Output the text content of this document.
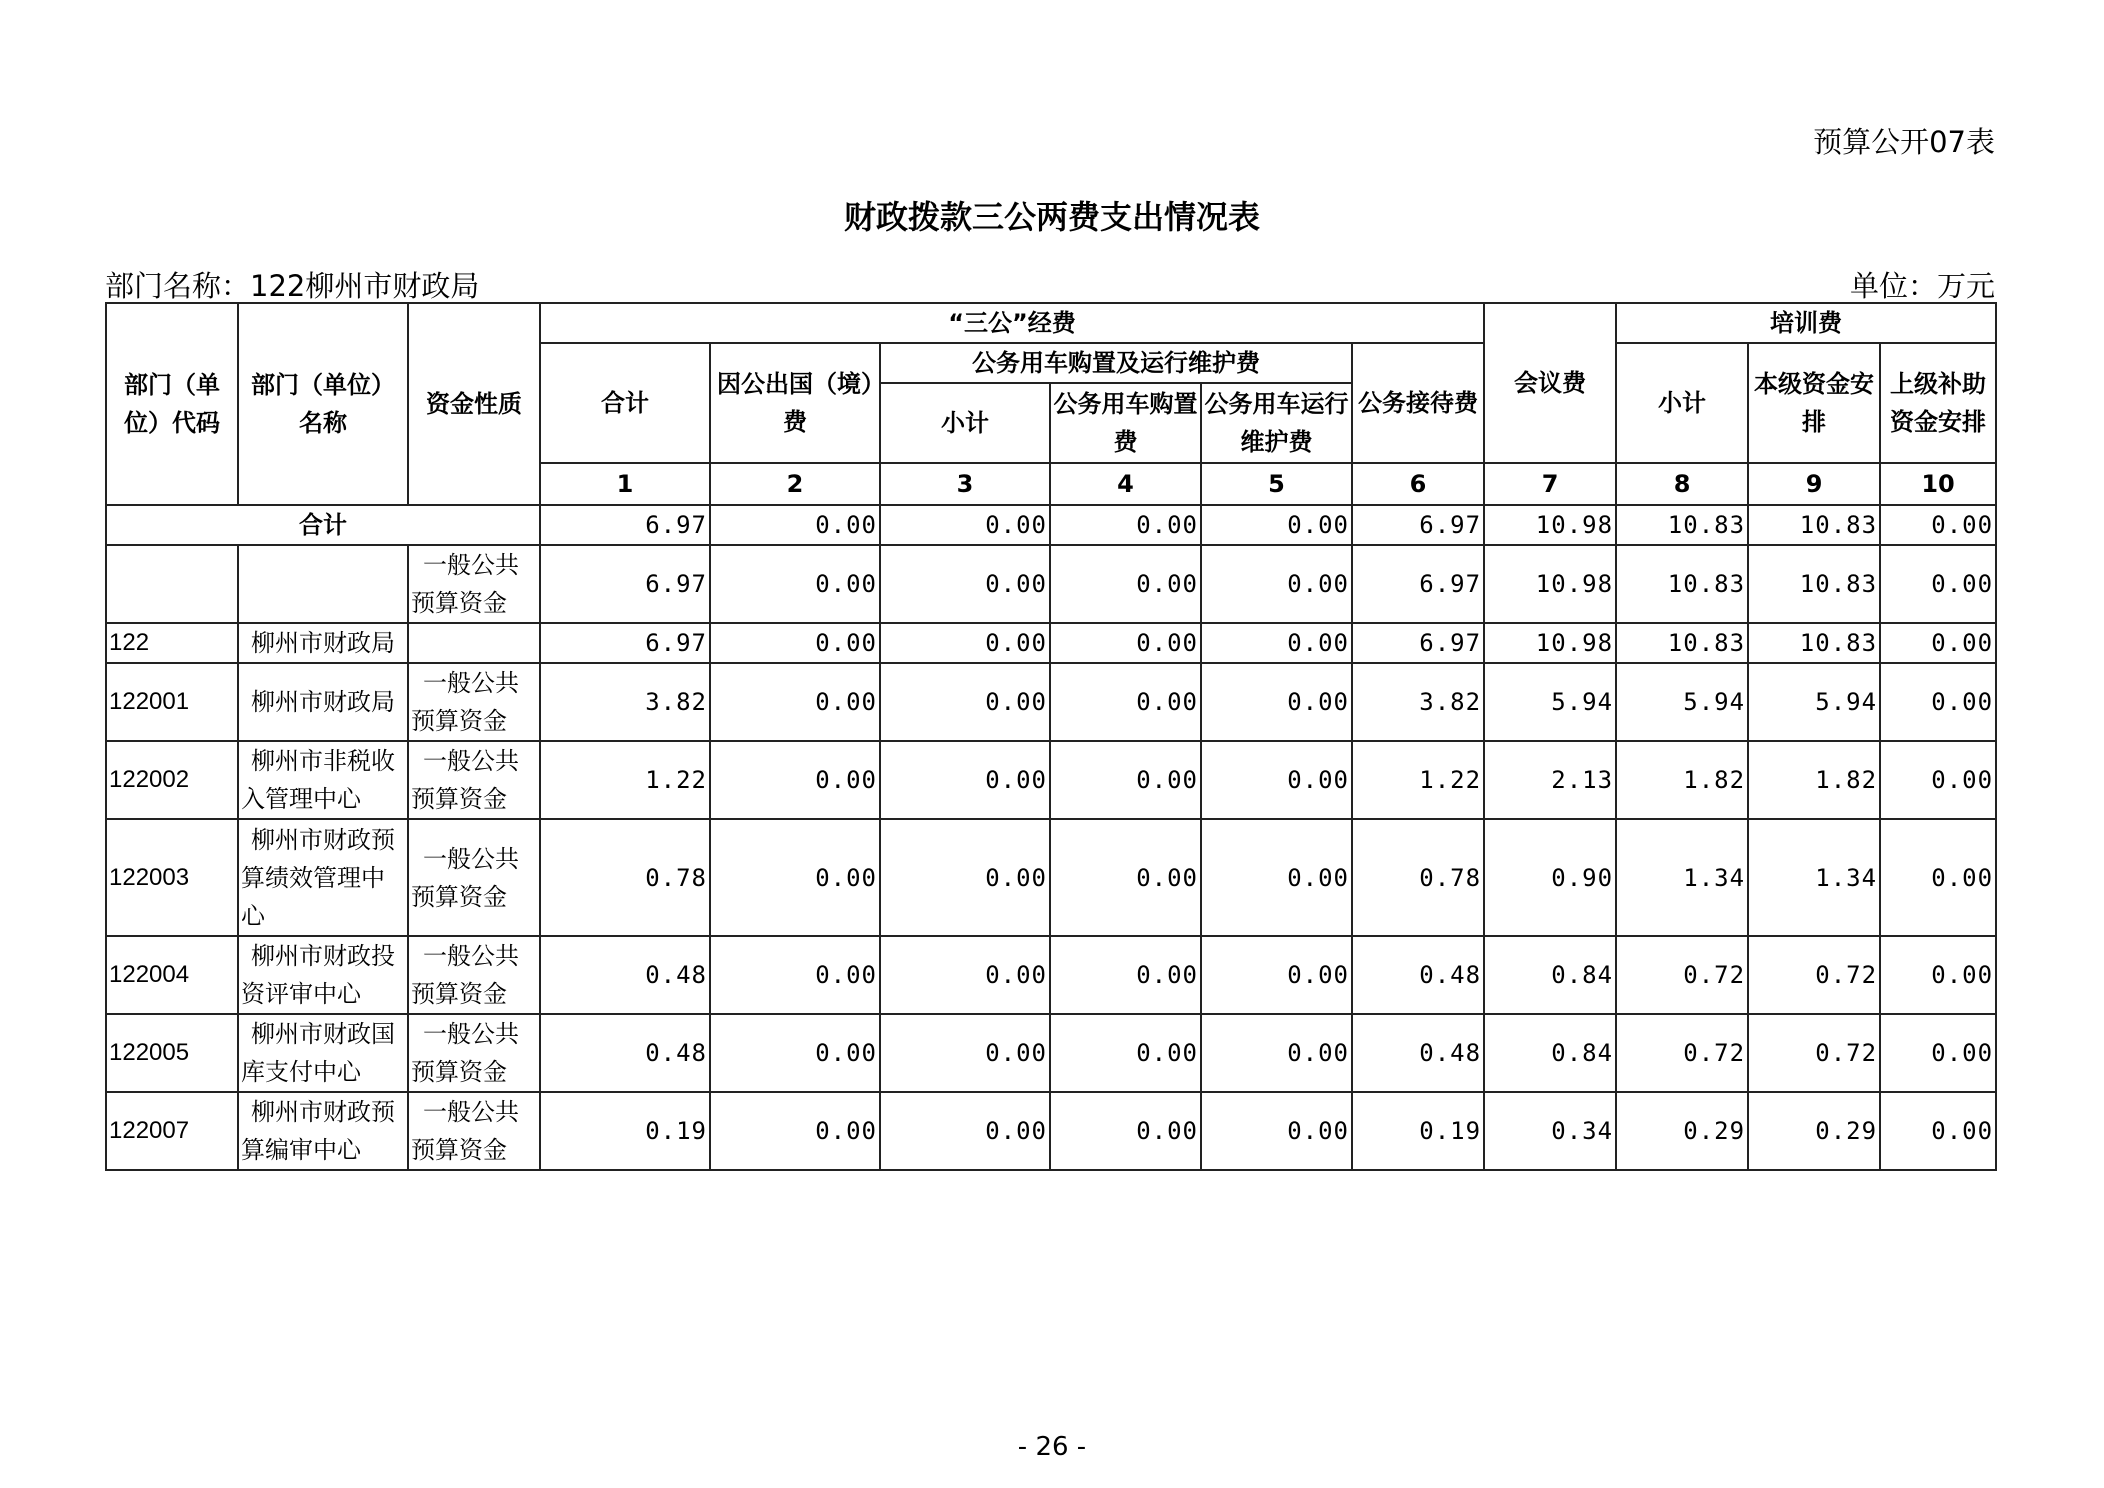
预算公开07表
财政拨款三公两费支出情况表
部门名称：122柳州市财政局	单位：万元
部门（单位）代码	部门（单位）名称	资金性质	“三公”经费						会议费	培训费		
			合计	因公出国（境）费	公务用车购置及运行维护费			公务接待费		小计	本级资金安排	上级补助资金安排
					小计	公务用车购置费	公务用车运行维护费					

			1	2	3	4	5	6	7	8	9	10
合计			6.97	0.00	0.00	0.00	0.00	6.97	10.98	10.83	10.83	0.00
		一般公共预算资金	6.97	0.00	0.00	0.00	0.00	6.97	10.98	10.83	10.83	0.00
122	柳州市财政局		6.97	0.00	0.00	0.00	0.00	6.97	10.98	10.83	10.83	0.00
122001	柳州市财政局	一般公共预算资金	3.82	0.00	0.00	0.00	0.00	3.82	5.94	5.94	5.94	0.00
122002	柳州市非税收入管理中心	一般公共预算资金	1.22	0.00	0.00	0.00	0.00	1.22	2.13	1.82	1.82	0.00
122003	柳州市财政预算绩效管理中心	一般公共预算资金	0.78	0.00	0.00	0.00	0.00	0.78	0.90	1.34	1.34	0.00
122004	柳州市财政投资评审中心	一般公共预算资金	0.48	0.00	0.00	0.00	0.00	0.48	0.84	0.72	0.72	0.00
122005	柳州市财政国库支付中心	一般公共预算资金	0.48	0.00	0.00	0.00	0.00	0.48	0.84	0.72	0.72	0.00
122007	柳州市财政预算编审中心	一般公共预算资金	0.19	0.00	0.00	0.00	0.00	0.19	0.34	0.29	0.29	0.00
- 26 -
